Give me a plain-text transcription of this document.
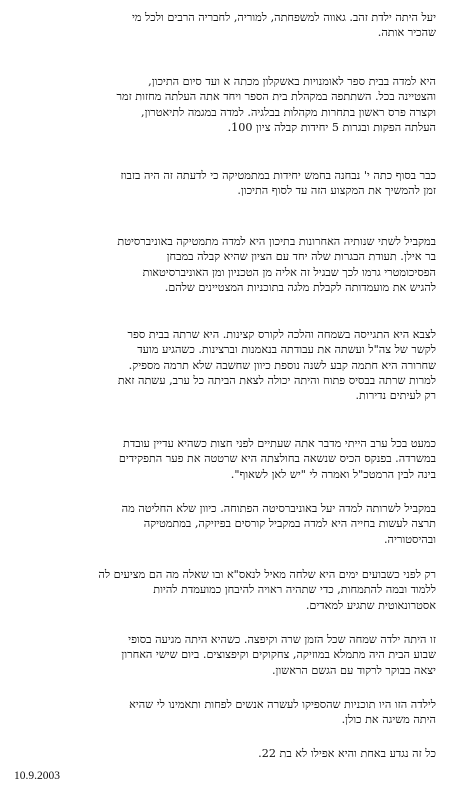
יעל היתה ילדת זהב. גאווה למשפחתה, למוריה, לחבריה הרבים ולכל מי
שהכיר אותה.
היא למדה בבית ספר לאומנויות באשקלון מכתה א ועד סיום התיכון,
והצטיינה בכל. השתתפה במקהלת בית הספר ויחד אתה העלתה מחזות זמר
וקצרה פרס ראשון בתחרות מקהלות בבלגיה. למדה במגמה לתיאטרון,
העלתה הפקות ובגרות 5 יחידות קבלה ציון 100.
כבר בסוף כתה י' נבחנה בחמש יחידות במתמטיקה כי לדעתה זה היה בזבוז
זמן להמשיך את המקצוע הזה עד לסוף התיכון.
במקביל לשתי שנותיה האחרונות בתיכון היא למדה מתמטיקה באוניברסיטת
בר אילן. תעודת הבגרות שלה יחד עם הציון שהיא קבלה במבחן
הפסיכומטרי גרמו לכך שבגיל זה אליה מן הטכניון ומן האוניברסיטאות
להגיש את מועמדותה לקבלת מלגה בתוכניות המצטיינים שלהם.
לצבא היא התגייסה בשמחה והלכה לקורס קצינות. היא שרתה בבית ספר
לקשר של צה"ל ועשתה את עבודתה בנאמנות וברצינות. כשהגיע מועד
שחרורה היא חתמה קבע לשנה נוספת כיוון שחשבה שלא תרמה מספיק.
למרות שרתה בבסיס פתוח והיתה יכולה לצאת הביתה כל ערב, עשתה זאת
רק לעיתים נדירות.
כמעט בכל ערב הייתי מדבר אתה שעתיים לפני חצות כשהיא עדיין עובדת
במשרדה. בפנקס הכיס שנשאה בחולצתה היא שרטטה את פער התפקידים
בינה לבין הרמטכ"ל ואמרה לי "יש לאן לשאוף".
במקביל לשרותה למדה יעל באוניברסיטה הפתוחה. כיוון שלא החליטה מה
תרצה לעשות בחייה היא למדה במקביל קורסים בפיזיקה, במתמטיקה
ובהיסטוריה.
רק לפני כשבועים ימים היא שלחה מאיל לנאס"א ובו שאלה מה הם מציעים לה
ללמוד ובמה להתמחות, כדי שתהיה ראויה להיבחן כמועמדת להיות
אסטרונאוטית שתגיע למאדים.
זו היתה ילדה שמחה שכל הזמן שרה וקיפצה. כשהיא היתה מגיעה בסופי
שבוע הבית היה מתמלא במוזיקה, צחקוקים וקיפצוצים. ביום שישי האחרון
יצאה בבוקר לרקוד עם הגשם הראשון.
לילדה הזו היו תוכניות שהספיקו לעשרה אנשים לפחות ותאמינו לי שהיא
היתה משיגה את כולן.
כל זה נגדע באחת והיא אפילו לא בת 22.

10.9.2003
